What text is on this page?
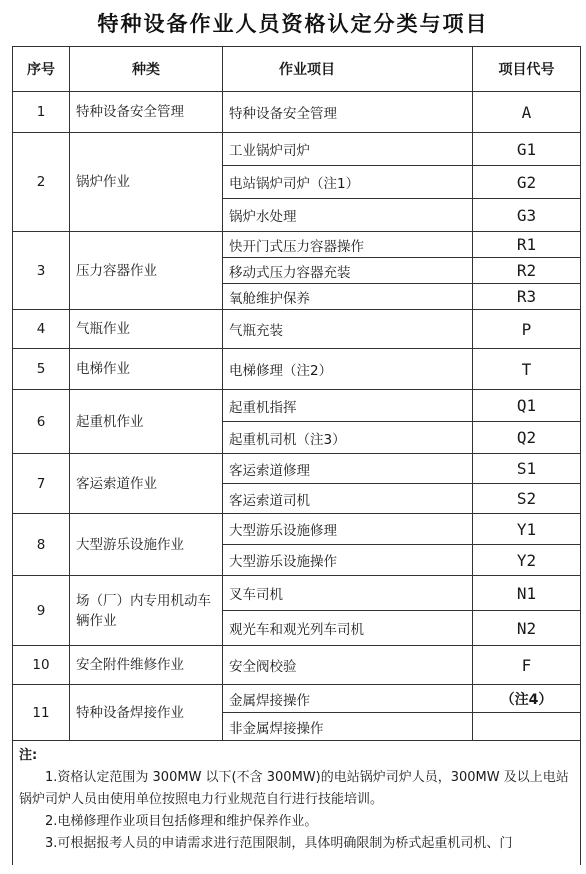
特种设备作业人员资格认定分类与项目
序号	种类	作业项目	项目代号
1	特种设备安全管理	特种设备安全管理	A
2	锅炉作业	工业锅炉司炉	G1
		电站锅炉司炉（注1）	G2
		锅炉水处理	G3
3	压力容器作业	快开门式压力容器操作	R1
		移动式压力容器充装	R2
		氧舱维护保养	R3
4	气瓶作业	气瓶充装	P
5	电梯作业	电梯修理（注2）	T
6	起重机作业	起重机指挥	Q1
		起重机司机（注3）	Q2
7	客运索道作业	客运索道修理	S1
		客运索道司机	S2
8	大型游乐设施作业	大型游乐设施修理	Y1
		大型游乐设施操作	Y2
9	场（厂）内专用机动车辆作业	叉车司机	N1
		观光车和观光列车司机	N2
10	安全附件维修作业	安全阀校验	F
11	特种设备焊接作业	金属焊接操作	（注4）
		非金属焊接操作	

注:
1.资格认定范围为 300MW 以下(不含 300MW)的电站锅炉司炉人员，300MW 及以上电站锅炉司炉人员由使用单位按照电力行业规范自行进行技能培训。
2.电梯修理作业项目包括修理和维护保养作业。
3.可根据报考人员的申请需求进行范围限制，具体明确限制为桥式起重机司机、门			
